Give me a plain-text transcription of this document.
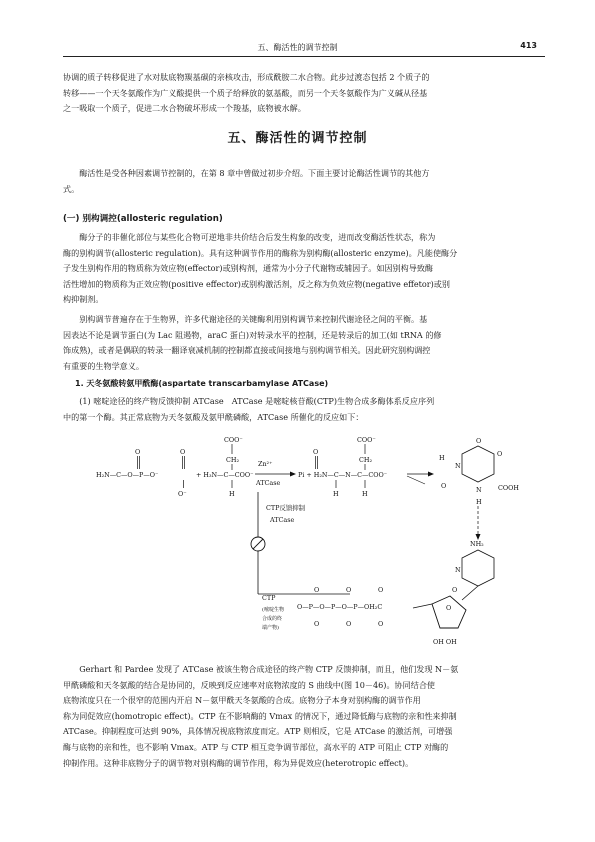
五、酶活性的调节控制	413

协调的质子转移促进了水对肽底物羰基碳的亲核攻击，形成酰胺二水合物。此步过渡态包括 2 个质子的

转移——一个天冬氨酸作为广义酸提供一个质子给释放的氨基酸，而另一个天冬氨酸作为广义碱从径基

之一吸取一个质子，促进二水合物破坏形成一个羧基，底物被水解。

五、酶活性的调节控制

酶活性是受各种因素调节控制的，在第 8 章中曾做过初步介绍。下面主要讨论酶活性调节的其他方

式。

(一) 别构调控(allosteric regulation)

酶分子的非催化部位与某些化合物可逆地非共价结合后发生构象的改变，进而改变酶活性状态，称为

酶的别构调节(allosteric regulation)。具有这种调节作用的酶称为别构酶(allosteric enzyme)。凡能使酶分

子发生别构作用的物质称为效应物(effector)或别构剂，通常为小分子代谢物或辅因子。如因别构导致酶

活性增加的物质称为正效应物(positive effector)或别构激活剂，反之称为负效应物(negative effetor)或别

构抑制剂。

别构调节普遍存在于生物界，许多代谢途径的关键酶利用别构调节来控制代谢途径之间的平衡。基

因表达不论是调节蛋白(为 Lac 阻遏物，araC 蛋白)对转录水平的控制，还是转录后的加工(如 tRNA 的修

饰成熟)，或者是偶联的转录一翻译衰减机制的控制都直接或间接地与别构调节相关。因此研究别构调控

有重要的生物学意义。

1. 天冬氨酸转氨甲酰酶(aspartate transcarbamylase ATCase)

(1) 嘧啶途径的终产物反馈抑制 ATCase　ATCase 是嘧啶核苷酸(CTP)生物合成多酶体系反应序列

中的第一个酶。其正常底物为天冬氨酸及氨甲酰磷酸，ATCase 所催化的反应如下：

O	O
H₂N—C—O—P—O⁻
O⁻
COO⁻
CH₂
+ H₃N—C—COO⁻
H
Zn²⁺
ATCase
O
COO⁻
CH₂
Pi + H₂N—C—N—C—COO⁻
H	H
H
N
O
O
O	N	COOH
H
CTP反馈抑制
ATCase
CTP
(嘧啶生物
合成的终
端产物)
O	O	O
O—P—O—P—O—P—OH₂C
O	O	O
NH₂
N
O
O
OH OH

Gerhart 和 Pardee 发现了 ATCase 被该生物合成途径的终产物 CTP 反馈抑制，而且，他们发现 N－氨

甲酰磷酸和天冬氨酸的结合是协同的，反映到反应速率对底物浓度的 S 曲线中(图 10－46)。协同结合使

底物浓度只在一个很窄的范围内开启 N－氨甲酰天冬氨酸的合成。底物分子本身对别构酶的调节作用

称为同促效应(homotropic effect)。CTP 在不影响酶的 Vmax 的情况下，通过降低酶与底物的亲和性来抑制

ATCase。抑制程度可达到 90%，具体情况视底物浓度而定。ATP 则相反，它是 ATCase 的激活剂，可增强

酶与底物的亲和性，也不影响 Vmax。ATP 与 CTP 相互竞争调节部位，高水平的 ATP 可阻止 CTP 对酶的

抑制作用。这种非底物分子的调节物对别构酶的调节作用，称为异促效应(heterotropic effect)。
